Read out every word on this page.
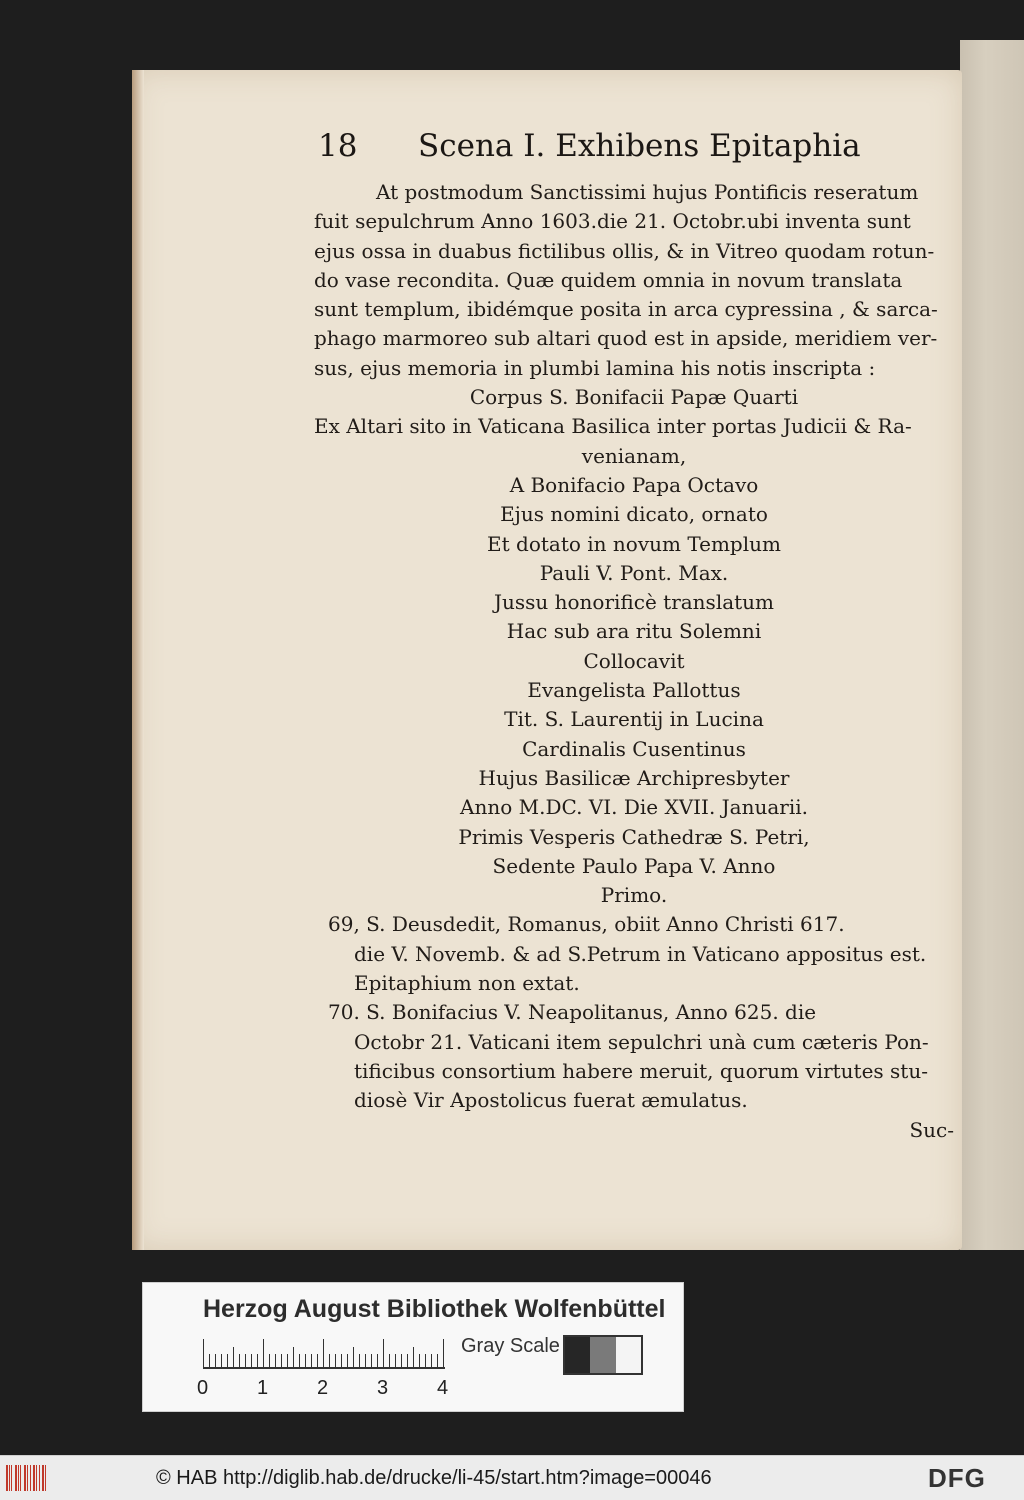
18 Scena I. Exhibens Epitaphia
At postmodum Sanctissimi hujus Pontificis reseratum
fuit sepulchrum Anno 1603.die 21. Octobr.ubi inventa sunt
ejus ossa in duabus fictilibus ollis, & in Vitreo quodam rotun-
do vase recondita. Quæ quidem omnia in novum translata
sunt templum, ibidémque posita in arca cypressina , & sarca-
phago marmoreo sub altari quod est in apside, meridiem ver-
sus, ejus memoria in plumbi lamina his notis inscripta :
Corpus S. Bonifacii Papæ Quarti
Ex Altari sito in Vaticana Basilica inter portas Judicii & Ra-
venianam,
A Bonifacio Papa Octavo
Ejus nomini dicato, ornato
Et dotato in novum Templum
Pauli V. Pont. Max.
Jussu honorificè translatum
Hac sub ara ritu Solemni
Collocavit
Evangelista Pallottus
Tit. S. Laurentij in Lucina
Cardinalis Cusentinus
Hujus Basilicæ Archipresbyter
Anno M.DC. VI. Die XVII. Januarii.
Primis Vesperis Cathedræ S. Petri,
Sedente Paulo Papa V. Anno
Primo.
69, S. Deusdedit, Romanus, obiit Anno Christi 617.
die V. Novemb. & ad S.Petrum in Vaticano appositus est.
Epitaphium non extat.
70. S. Bonifacius V. Neapolitanus, Anno 625. die
Octobr 21. Vaticani item sepulchri unà cum cæteris Pon-
tificibus consortium habere meruit, quorum virtutes stu-
diosè Vir Apostolicus fuerat æmulatus.
Suc-
Herzog August Bibliothek Wolfenbüttel
0 1 2 3 4
Gray Scale
© HAB http://diglib.hab.de/drucke/li-45/start.htm?image=00046	DFG
